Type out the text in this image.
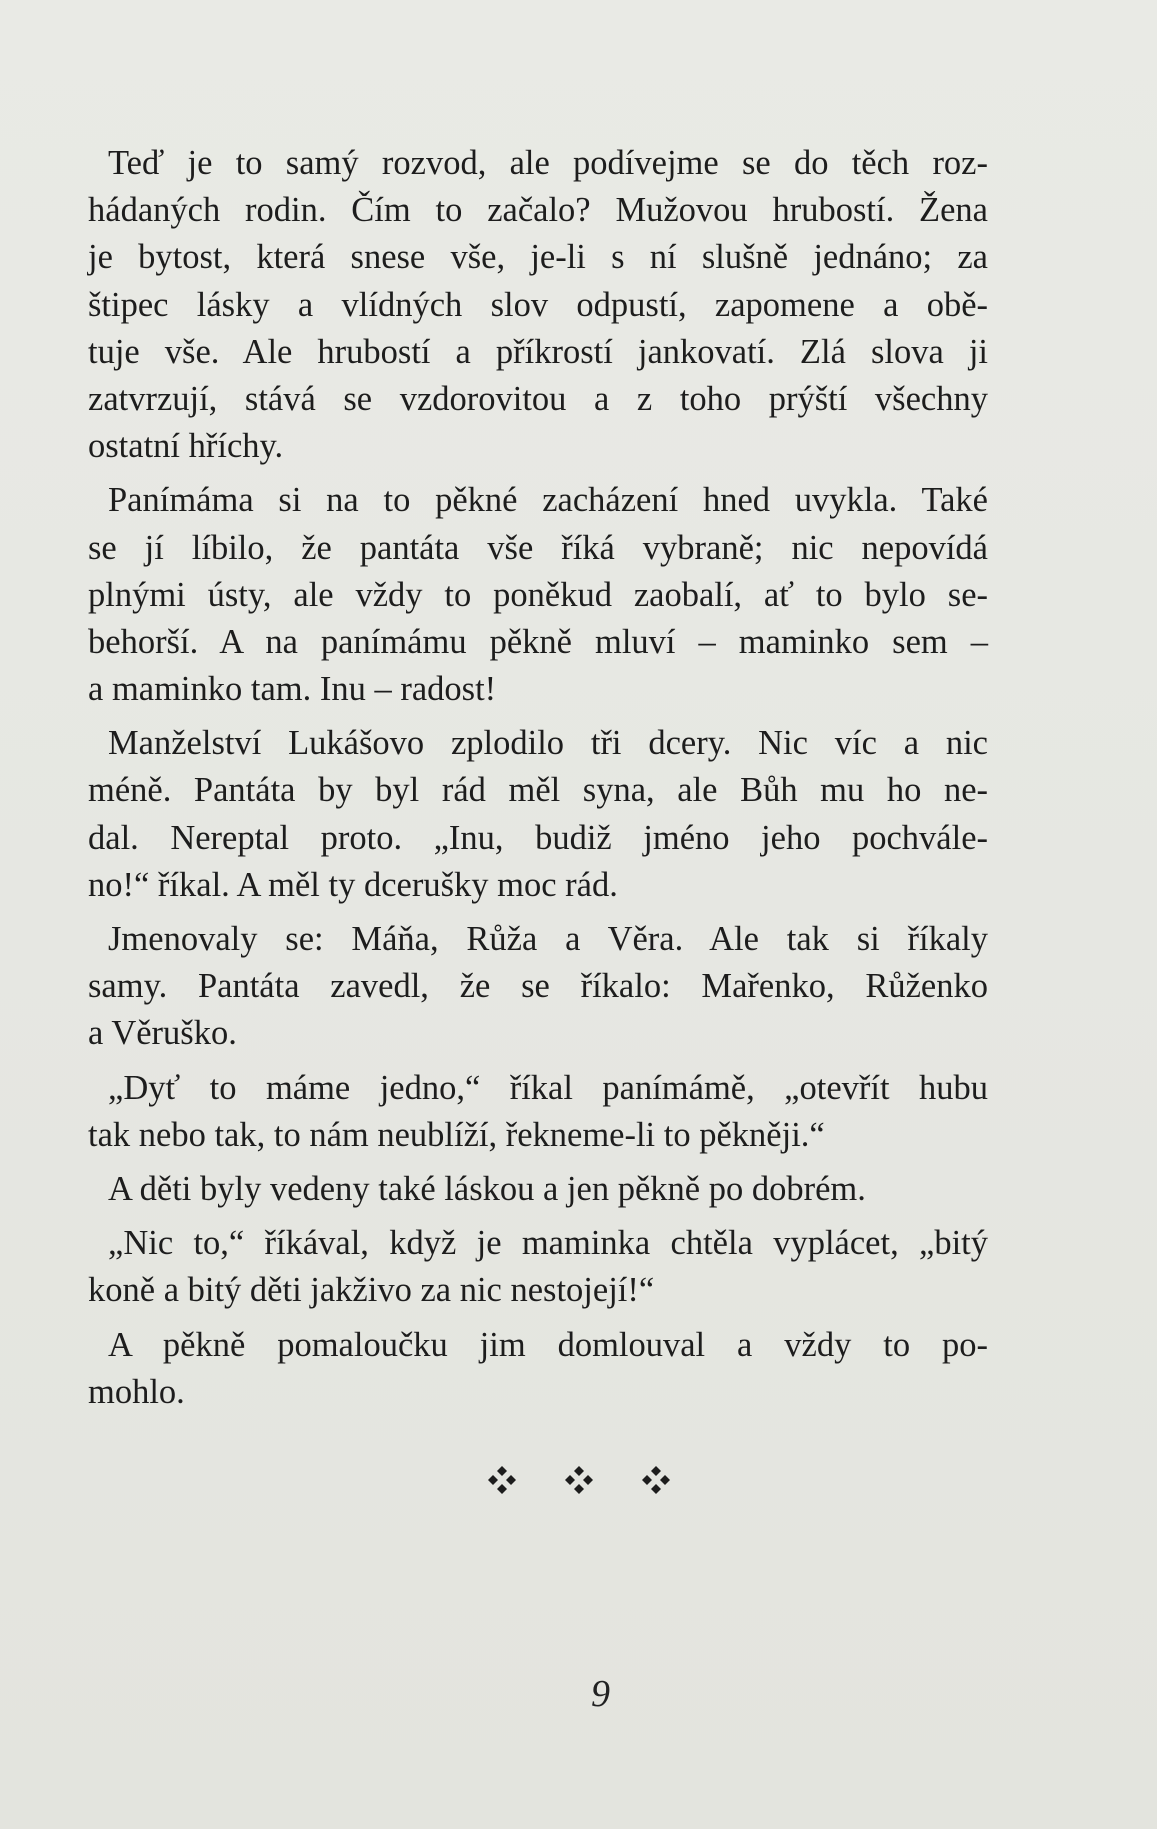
Teď je to samý rozvod, ale podívejme se do těch roz-
hádaných rodin. Čím to začalo? Mužovou hrubostí. Žena
je bytost, která snese vše, je-li s ní slušně jednáno; za
štipec lásky a vlídných slov odpustí, zapomene a obě-
tuje vše. Ale hrubostí a příkrostí jankovatí. Zlá slova ji
zatvrzují, stává se vzdorovitou a z toho prýští všechny
ostatní hříchy.
Panímáma si na to pěkné zacházení hned uvykla. Také
se jí líbilo, že pantáta vše říká vybraně; nic nepovídá
plnými ústy, ale vždy to poněkud zaobalí, ať to bylo se-
behorší. A na panímámu pěkně mluví – maminko sem –
a maminko tam. Inu – radost!
Manželství Lukášovo zplodilo tři dcery. Nic víc a nic
méně. Pantáta by byl rád měl syna, ale Bůh mu ho ne-
dal. Nereptal proto. „Inu, budiž jméno jeho pochvále-
no!“ říkal. A měl ty dcerušky moc rád.
Jmenovaly se: Máňa, Růža a Věra. Ale tak si říkaly
samy. Pantáta zavedl, že se říkalo: Mařenko, Růženko
a Věruško.
„Dyť to máme jedno,“ říkal panímámě, „otevřít hubu
tak nebo tak, to nám neublíží, řekneme-li to pěkněji.“
A děti byly vedeny také láskou a jen pěkně po dobrém.
„Nic to,“ říkával, když je maminka chtěla vyplácet, „bitý
koně a bitý děti jakživo za nic nestojejí!“
A pěkně pomaloučku jim domlouval a vždy to po-
mohlo.
9
